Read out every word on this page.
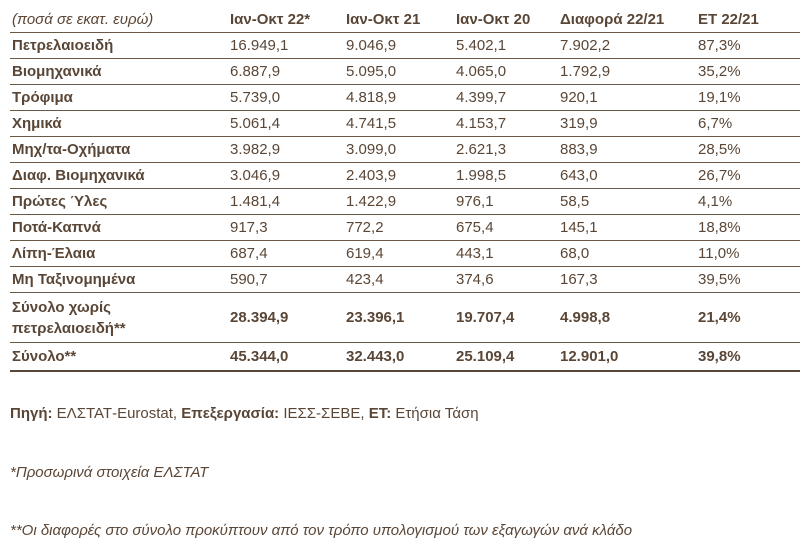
(ποσά σε εκατ. ευρώ)	Ιαν-Οκτ 22*	Ιαν-Οκτ 21	Ιαν-Οκτ 20	Διαφορά 22/21	ΕΤ 22/21
Πετρελαιοειδή	16.949,1	9.046,9	5.402,1	7.902,2	87,3%
Βιομηχανικά	6.887,9	5.095,0	4.065,0	1.792,9	35,2%
Τρόφιμα	5.739,0	4.818,9	4.399,7	920,1	19,1%
Χημικά	5.061,4	4.741,5	4.153,7	319,9	6,7%
Μηχ/τα-Οχήματα	3.982,9	3.099,0	2.621,3	883,9	28,5%
Διαφ. Βιομηχανικά	3.046,9	2.403,9	1.998,5	643,0	26,7%
Πρώτες Ύλες	1.481,4	1.422,9	976,1	58,5	4,1%
Ποτά-Καπνά	917,3	772,2	675,4	145,1	18,8%
Λίπη-Έλαια	687,4	619,4	443,1	68,0	11,0%
Μη Ταξινομημένα	590,7	423,4	374,6	167,3	39,5%
Σύνολο χωρίς πετρελαιοειδή**	28.394,9	23.396,1	19.707,4	4.998,8	21,4%
Σύνολο**	45.344,0	32.443,0	25.109,4	12.901,0	39,8%
Πηγή: ΕΛΣΤΑΤ-Eurostat, Επεξεργασία: ΙΕΣΣ-ΣΕΒΕ, ΕΤ: Ετήσια Τάση
*Προσωρινά στοιχεία ΕΛΣΤΑΤ
**Οι διαφορές στο σύνολο προκύπτουν από τον τρόπο υπολογισμού των εξαγωγών ανά κλάδο
